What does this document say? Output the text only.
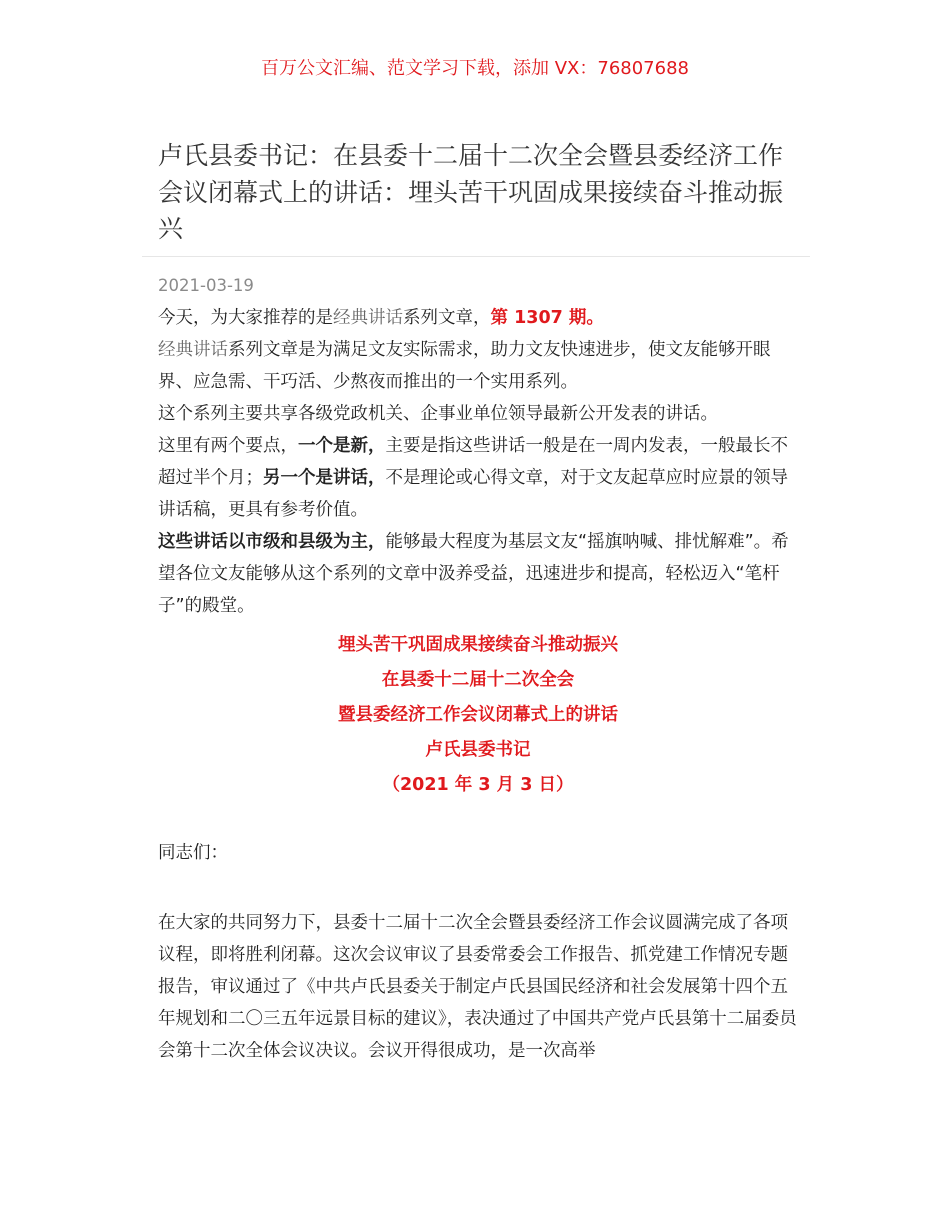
百万公文汇编、范文学习下载，添加 VX：76807688
卢氏县委书记：在县委十二届十二次全会暨县委经济工作会议闭幕式上的讲话：埋头苦干巩固成果接续奋斗推动振兴
2021-03-19

今天，为大家推荐的是经典讲话系列文章，第 1307 期。

经典讲话系列文章是为满足文友实际需求，助力文友快速进步，使文友能够开眼界、应急需、干巧活、少熬夜而推出的一个实用系列。

这个系列主要共享各级党政机关、企事业单位领导最新公开发表的讲话。

这里有两个要点，一个是新，主要是指这些讲话一般是在一周内发表，一般最长不超过半个月；另一个是讲话，不是理论或心得文章，对于文友起草应时应景的领导讲话稿，更具有参考价值。

这些讲话以市级和县级为主，能够最大程度为基层文友“摇旗呐喊、排忧解难”。希望各位文友能够从这个系列的文章中汲养受益，迅速进步和提高，轻松迈入“笔杆子”的殿堂。

埋头苦干巩固成果接续奋斗推动振兴

在县委十二届十二次全会

暨县委经济工作会议闭幕式上的讲话

卢氏县委书记

（2021 年 3 月 3 日）

同志们：

在大家的共同努力下，县委十二届十二次全会暨县委经济工作会议圆满完成了各项议程，即将胜利闭幕。这次会议审议了县委常委会工作报告、抓党建工作情况专题报告，审议通过了《中共卢氏县委关于制定卢氏县国民经济和社会发展第十四个五年规划和二〇三五年远景目标的建议》，表决通过了中国共产党卢氏县第十二届委员会第十二次全体会议决议。会议开得很成功，是一次高举
